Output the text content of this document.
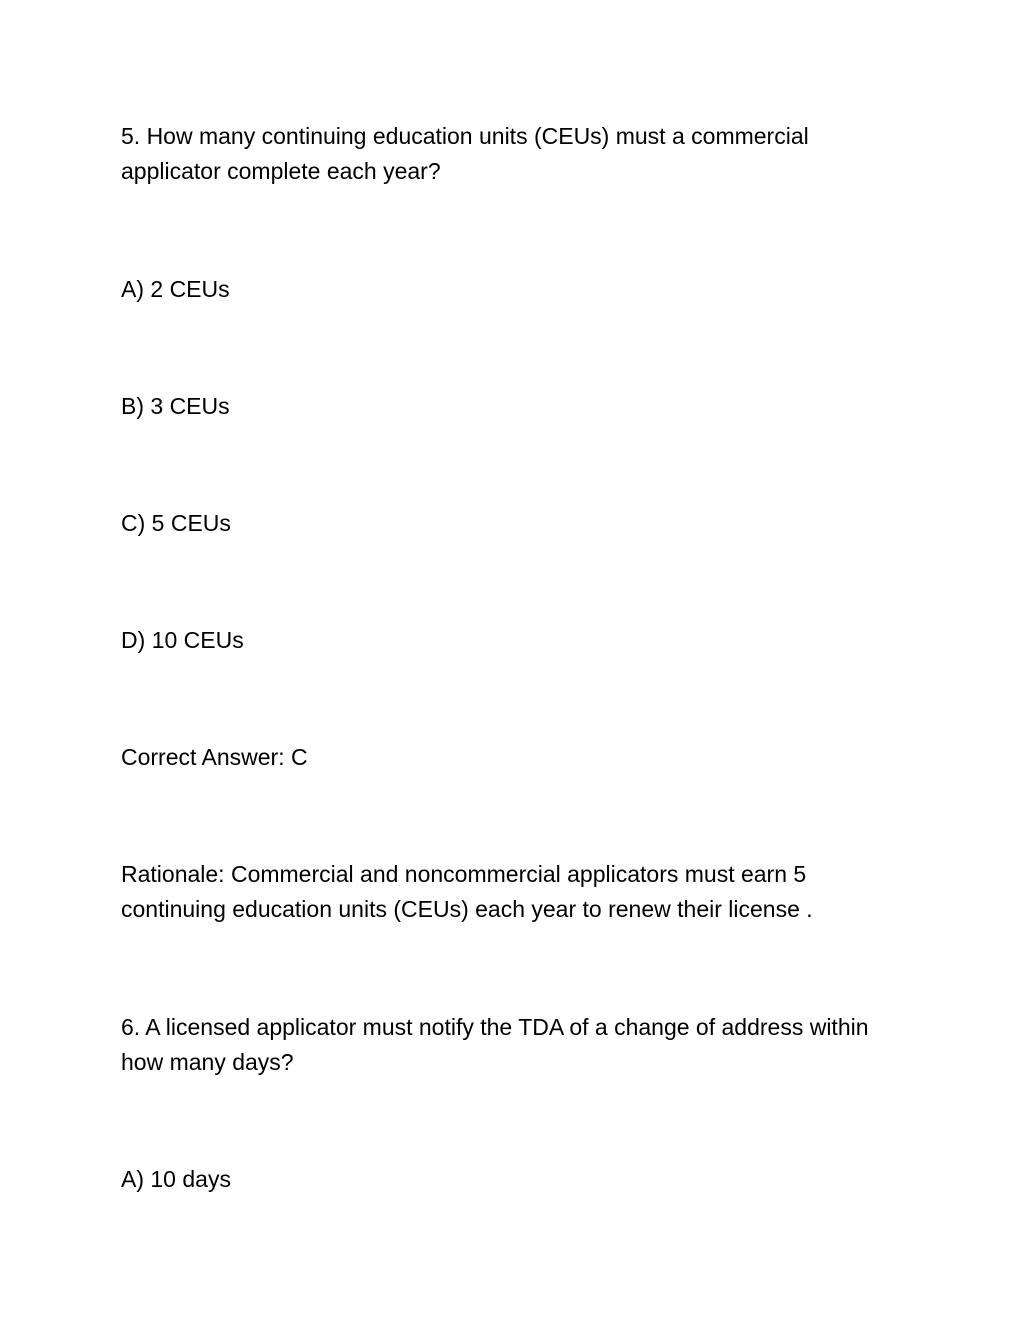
5. How many continuing education units (CEUs) must a commercial applicator complete each year?

A) 2 CEUs

B) 3 CEUs

C) 5 CEUs

D) 10 CEUs

Correct Answer: C

Rationale: Commercial and noncommercial applicators must earn 5 continuing education units (CEUs) each year to renew their license .

6. A licensed applicator must notify the TDA of a change of address within how many days?

A) 10 days
